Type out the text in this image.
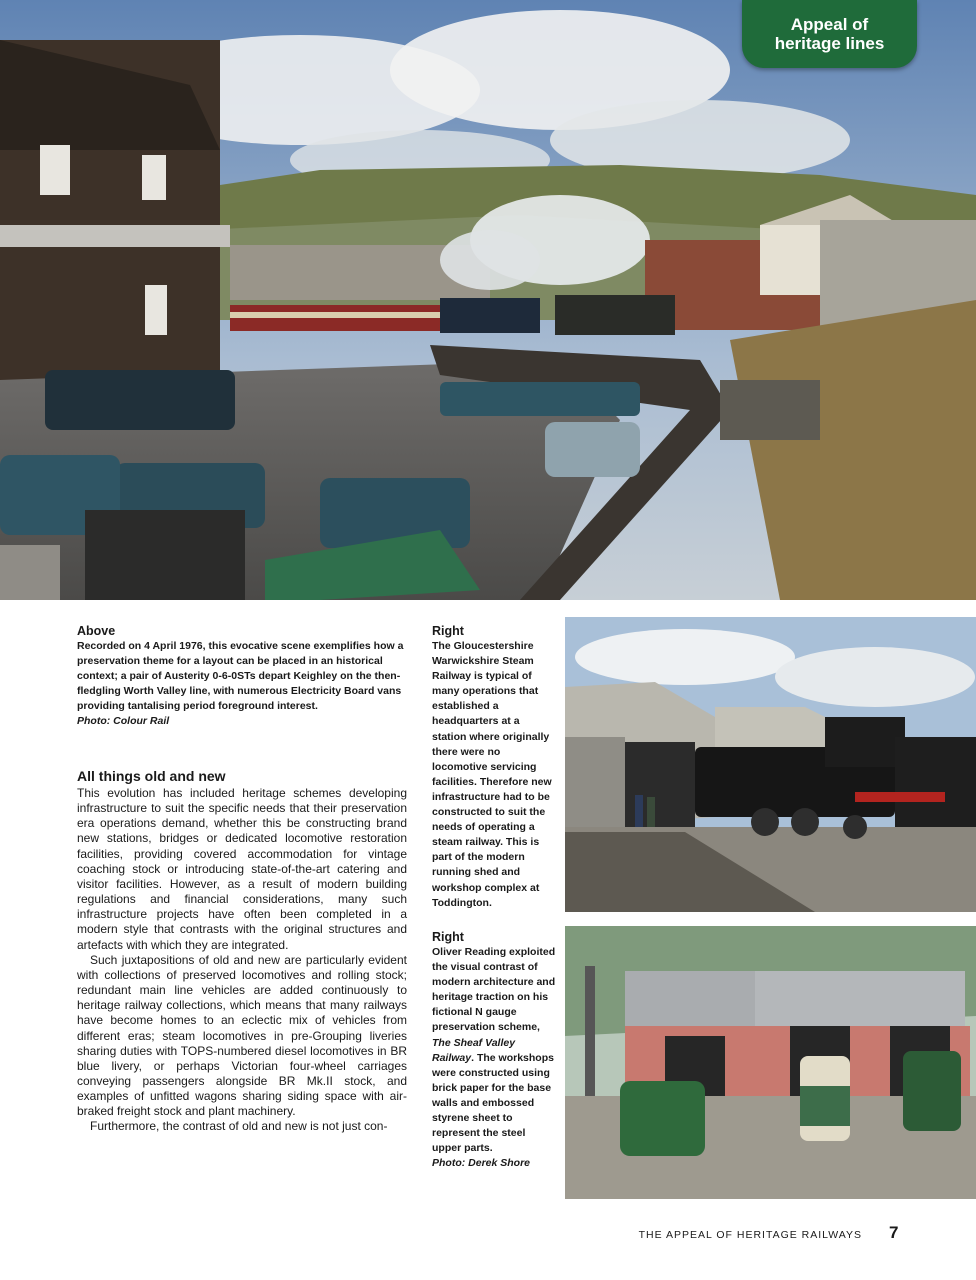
Appeal of
heritage lines
Above
Recorded on 4 April 1976, this evocative scene exemplifies how a preservation theme for a layout can be placed in an historical context; a pair of Austerity 0-6-0STs depart Keighley on the then-fledgling Worth Valley line, with numerous Electricity Board vans providing tantalising period foreground interest.
Photo: Colour Rail
All things old and new

This evolution has included heritage schemes developing infrastructure to suit the specific needs that their preservation era operations demand, whether this be constructing brand new stations, bridges or dedicated locomotive restoration facilities, providing covered accommodation for vintage coaching stock or introducing state-of-the-art catering and visitor facilities. However, as a result of modern building regulations and financial considerations, many such infrastructure projects have often been completed in a modern style that contrasts with the original structures and artefacts with which they are integrated.

Such juxtapositions of old and new are particularly evident with collections of preserved locomotives and rolling stock; redundant main line vehicles are added continuously to heritage railway collections, which means that many railways have become homes to an eclectic mix of vehicles from different eras; steam locomotives in pre-Grouping liveries sharing duties with TOPS-numbered diesel locomotives in BR blue livery, or perhaps Victorian four-wheel carriages conveying passengers alongside BR Mk.II stock, and examples of unfitted wagons sharing siding space with air-braked freight stock and plant machinery.

Furthermore, the contrast of old and new is not just con-

Right
The Gloucestershire Warwickshire Steam Railway is typical of many operations that established a headquarters at a station where originally there were no locomotive servicing facilities. Therefore new infrastructure had to be constructed to suit the needs of operating a steam railway. This is part of the modern running shed and workshop complex at Toddington.
Right
Oliver Reading exploited the visual contrast of modern architecture and heritage traction on his fictional N gauge preservation scheme, The Sheaf Valley Railway. The workshops were constructed using brick paper for the base walls and embossed styrene sheet to represent the steel upper parts.
Photo: Derek Shore
THE APPEAL OF HERITAGE RAILWAYS 7
